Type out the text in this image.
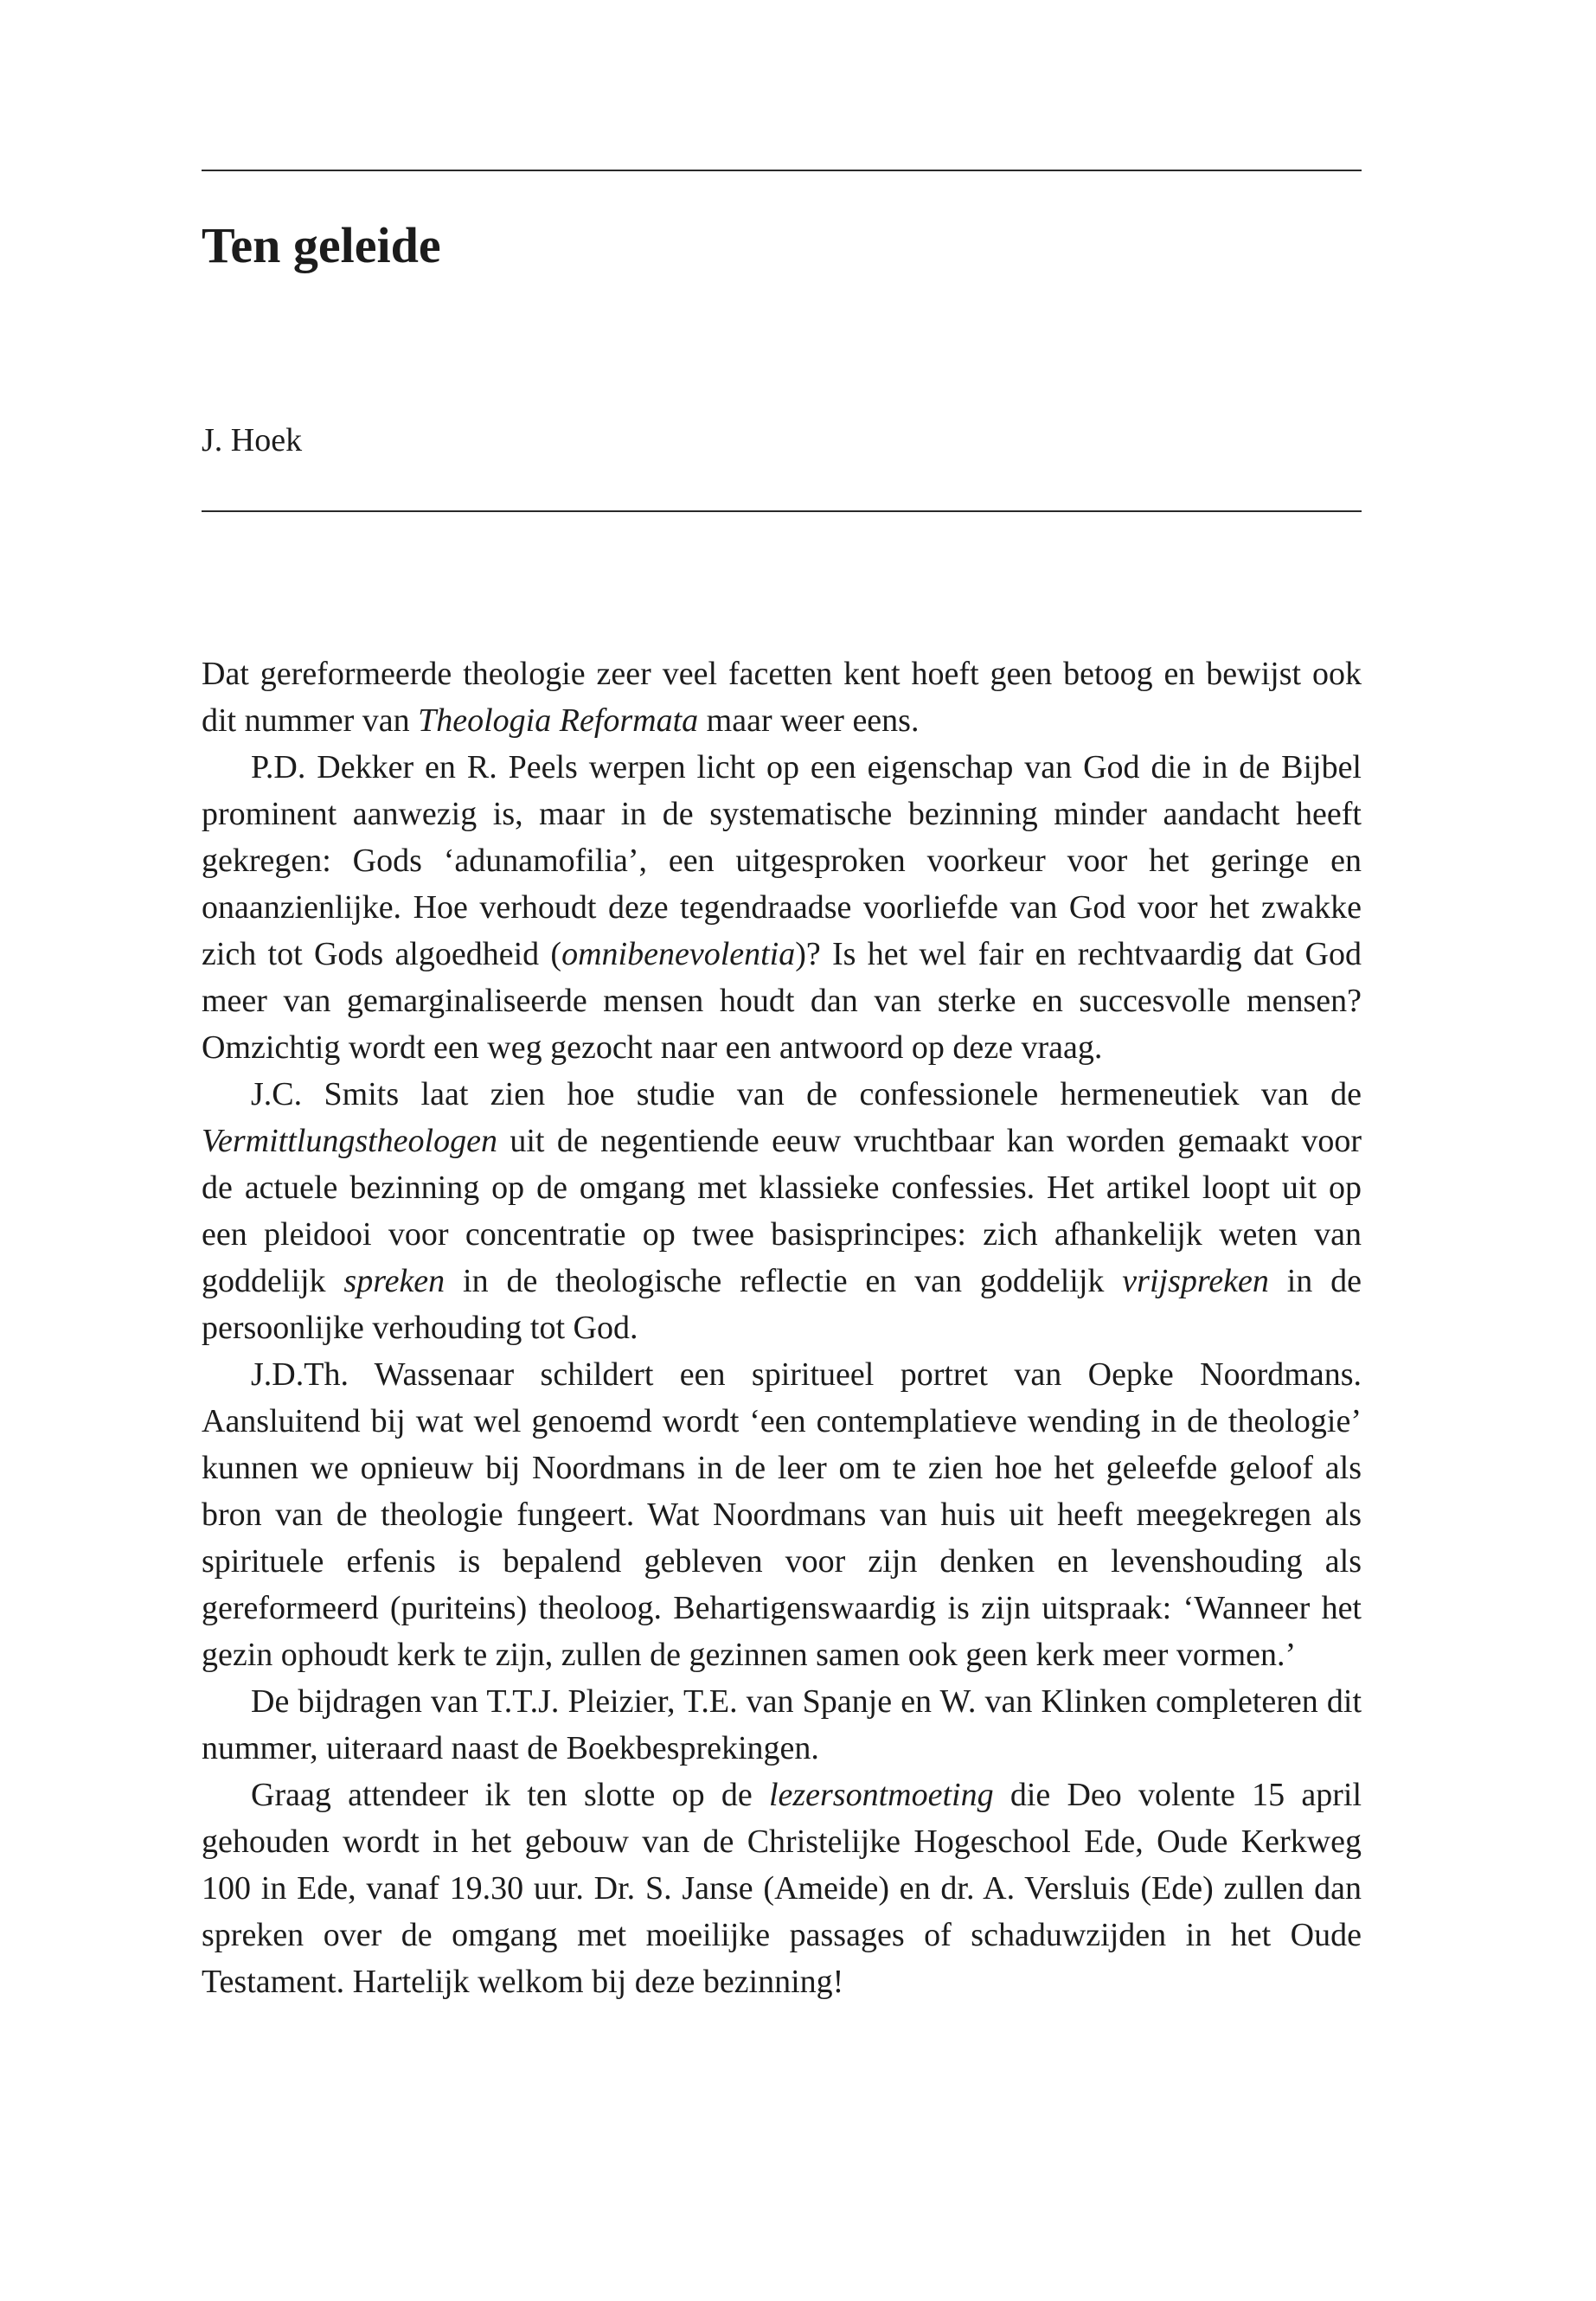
Ten geleide

J. Hoek

Dat gereformeerde theologie zeer veel facetten kent hoeft geen betoog en bewijst ook dit nummer van Theologia Reformata maar weer eens.

P.D. Dekker en R. Peels werpen licht op een eigenschap van God die in de Bijbel prominent aanwezig is, maar in de systematische bezinning minder aandacht heeft gekregen: Gods ‘adunamofilia’, een uitgesproken voorkeur voor het geringe en onaanzienlijke. Hoe verhoudt deze tegendraadse voorliefde van God voor het zwakke zich tot Gods algoedheid (omnibenevolentia)? Is het wel fair en rechtvaardig dat God meer van gemarginaliseerde mensen houdt dan van sterke en succesvolle mensen? Omzichtig wordt een weg gezocht naar een antwoord op deze vraag.

J.C. Smits laat zien hoe studie van de confessionele hermeneutiek van de Vermittlungstheologen uit de negentiende eeuw vruchtbaar kan worden gemaakt voor de actuele bezinning op de omgang met klassieke confessies. Het artikel loopt uit op een pleidooi voor concentratie op twee basisprincipes: zich afhankelijk weten van goddelijk spreken in de theologische reflectie en van goddelijk vrijspreken in de persoonlijke verhouding tot God.

J.D.Th. Wassenaar schildert een spiritueel portret van Oepke Noordmans. Aansluitend bij wat wel genoemd wordt ‘een contemplatieve wending in de theologie’ kunnen we opnieuw bij Noordmans in de leer om te zien hoe het geleefde geloof als bron van de theologie fungeert. Wat Noordmans van huis uit heeft meegekregen als spirituele erfenis is bepalend gebleven voor zijn denken en levenshouding als gereformeerd (puriteins) theoloog. Behartigenswaardig is zijn uitspraak: ‘Wanneer het gezin ophoudt kerk te zijn, zullen de gezinnen samen ook geen kerk meer vormen.’

De bijdragen van T.T.J. Pleizier, T.E. van Spanje en W. van Klinken completeren dit nummer, uiteraard naast de Boekbesprekingen.

Graag attendeer ik ten slotte op de lezersontmoeting die Deo volente 15 april gehouden wordt in het gebouw van de Christelijke Hogeschool Ede, Oude Kerkweg 100 in Ede, vanaf 19.30 uur. Dr. S. Janse (Ameide) en dr. A. Versluis (Ede) zullen dan spreken over de omgang met moeilijke passages of schaduwzijden in het Oude Testament. Hartelijk welkom bij deze bezinning!
